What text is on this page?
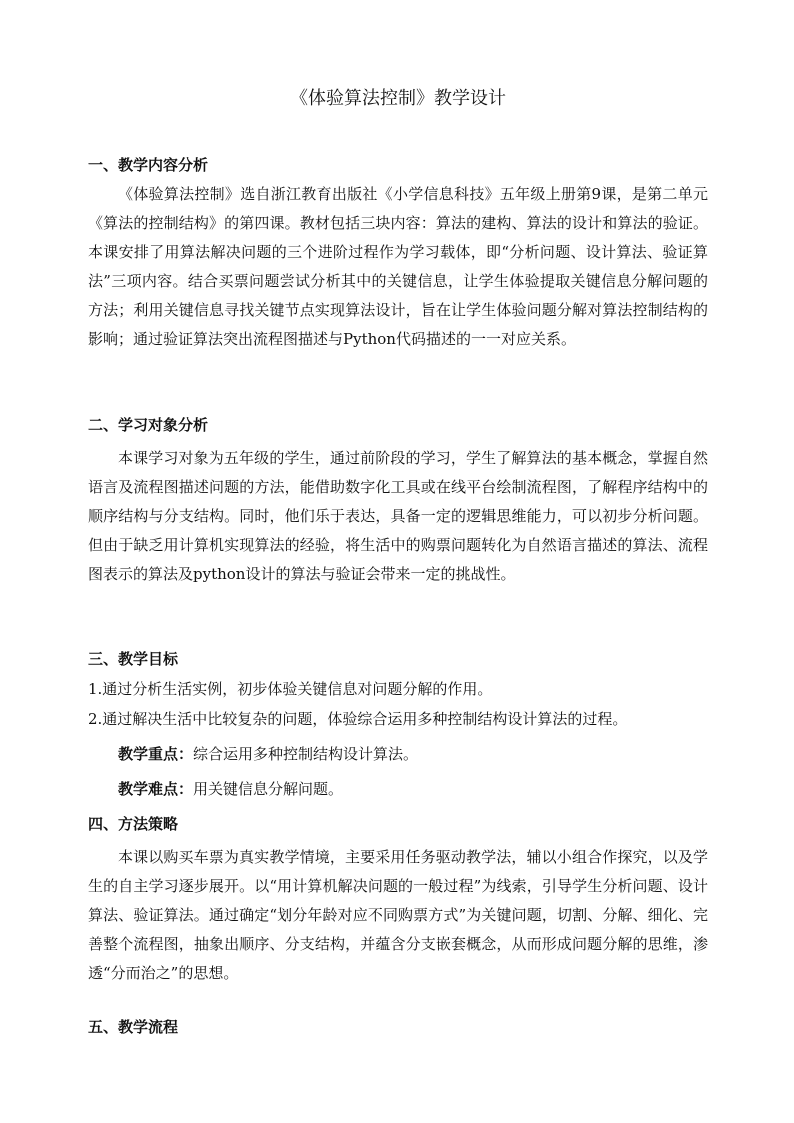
《体验算法控制》教学设计
一、教学内容分析

《体验算法控制》选自浙江教育出版社《小学信息科技》五年级上册第9课，是第二单元《算法的控制结构》的第四课。教材包括三块内容：算法的建构、算法的设计和算法的验证。本课安排了用算法解决问题的三个进阶过程作为学习载体，即“分析问题、设计算法、验证算法”三项内容。结合买票问题尝试分析其中的关键信息，让学生体验提取关键信息分解问题的方法；利用关键信息寻找关键节点实现算法设计，旨在让学生体验问题分解对算法控制结构的影响；通过验证算法突出流程图描述与Python代码描述的一一对应关系。

二、学习对象分析

本课学习对象为五年级的学生，通过前阶段的学习，学生了解算法的基本概念，掌握自然语言及流程图描述问题的方法，能借助数字化工具或在线平台绘制流程图，了解程序结构中的顺序结构与分支结构。同时，他们乐于表达，具备一定的逻辑思维能力，可以初步分析问题。但由于缺乏用计算机实现算法的经验，将生活中的购票问题转化为自然语言描述的算法、流程图表示的算法及python设计的算法与验证会带来一定的挑战性。

三、教学目标

1.通过分析生活实例，初步体验关键信息对问题分解的作用。

2.通过解决生活中比较复杂的问题，体验综合运用多种控制结构设计算法的过程。

教学重点：综合运用多种控制结构设计算法。

教学难点：用关键信息分解问题。

四、方法策略

本课以购买车票为真实教学情境，主要采用任务驱动教学法，辅以小组合作探究，以及学生的自主学习逐步展开。以“用计算机解决问题的一般过程”为线索，引导学生分析问题、设计算法、验证算法。通过确定“划分年龄对应不同购票方式”为关键问题，切割、分解、细化、完善整个流程图，抽象出顺序、分支结构，并蕴含分支嵌套概念，从而形成问题分解的思维，渗透“分而治之”的思想。

五、教学流程
